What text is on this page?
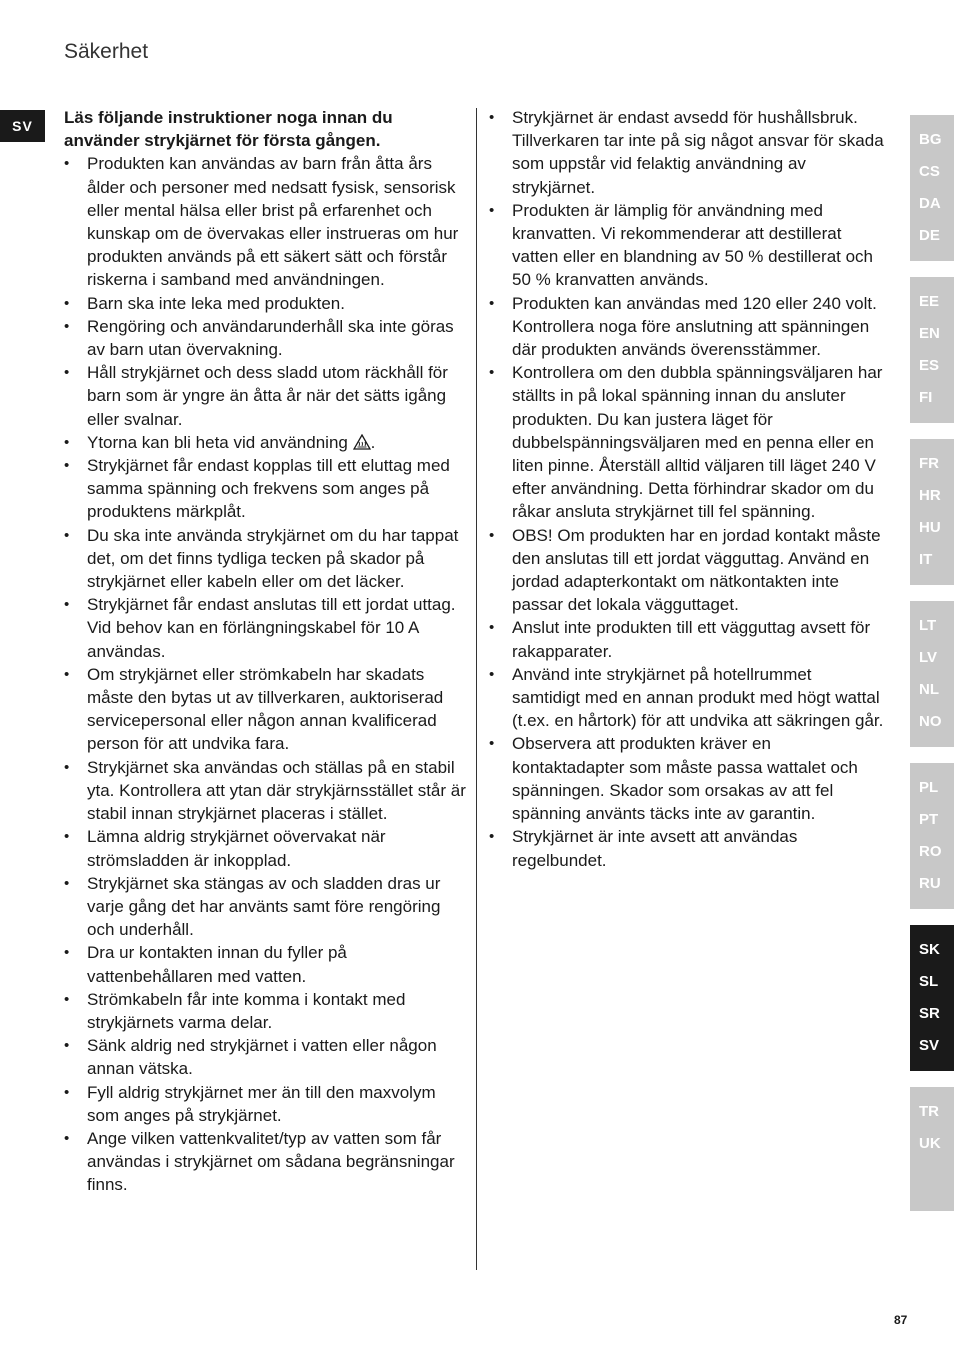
Säkerhet
SV	Läs följande instruktioner noga innan du använder strykjärnet för första gången.

• Produkten kan användas av barn från åtta års ålder och personer med nedsatt fysisk, sensorisk eller mental hälsa eller brist på erfarenhet och kunskap om de övervakas eller instrueras om hur produkten används på ett säkert sätt och förstår riskerna i samband med användningen.
• Barn ska inte leka med produkten.
• Rengöring och användarunderhåll ska inte göras av barn utan övervakning.
• Håll strykjärnet och dess sladd utom räckhåll för barn som är yngre än åtta år när det sätts igång eller svalnar.
• Ytorna kan bli heta vid användning .
• Strykjärnet får endast kopplas till ett eluttag med samma spänning och frekvens som anges på produktens märkplåt.
• Du ska inte använda strykjärnet om du har tappat det, om det finns tydliga tecken på skador på strykjärnet eller kabeln eller om det läcker.
• Strykjärnet får endast anslutas till ett jordat uttag. Vid behov kan en förlängningskabel för 10 A användas.
• Om strykjärnet eller strömkabeln har skadats måste den bytas ut av tillverkaren, auktoriserad servicepersonal eller någon annan kvalificerad person för att undvika fara.
• Strykjärnet ska användas och ställas på en stabil yta. Kontrollera att ytan där strykjärnsstället står är stabil innan strykjärnet placeras i stället.
• Lämna aldrig strykjärnet oövervakat när strömsladden är inkopplad.
• Strykjärnet ska stängas av och sladden dras ur varje gång det har använts samt före rengöring och underhåll.
• Dra ur kontakten innan du fyller på vattenbehållaren med vatten.
• Strömkabeln får inte komma i kontakt med strykjärnets varma delar.
• Sänk aldrig ned strykjärnet i vatten eller någon annan vätska.
• Fyll aldrig strykjärnet mer än till den maxvolym som anges på strykjärnet.
• Ange vilken vattenkvalitet/typ av vatten som får användas i strykjärnet om sådana begränsningar finns.
• Strykjärnet är endast avsedd för hushållsbruk. Tillverkaren tar inte på sig något ansvar för skada som uppstår vid felaktig användning av strykjärnet.
• Produkten är lämplig för användning med kranvatten. Vi rekommenderar att destillerat vatten eller en blandning av 50 % destillerat och 50 % kranvatten används.
• Produkten kan användas med 120 eller 240 volt. Kontrollera noga före anslutning att spänningen där produkten används överensstämmer.
• Kontrollera om den dubbla spänningsväljaren har ställts in på lokal spänning innan du ansluter produkten. Du kan justera läget för dubbelspänningsväljaren med en penna eller en liten pinne. Återställ alltid väljaren till läget 240 V efter användning. Detta förhindrar skador om du råkar ansluta strykjärnet till fel spänning.
• OBS! Om produkten har en jordad kontakt måste den anslutas till ett jordat vägguttag. Använd en jordad adapterkontakt om nätkontakten inte passar det lokala vägguttaget.
• Anslut inte produkten till ett vägguttag avsett för rakapparater.
• Använd inte strykjärnet på hotellrummet samtidigt med en annan produkt med högt wattal (t.ex. en hårtork) för att undvika att säkringen går.
• Observera att produkten kräver en kontaktadapter som måste passa wattalet och spänningen. Skador som orsakas av att fel spänning använts täcks inte av garantin.
• Strykjärnet är inte avsett att användas regelbundet.
BG
CS
DA
DE
EE
EN
ES
FI
FR
HR
HU
IT
LT
LV
NL
NO
PL
PT
RO
RU
SK
SL
SR
SV
TR
UK
87
